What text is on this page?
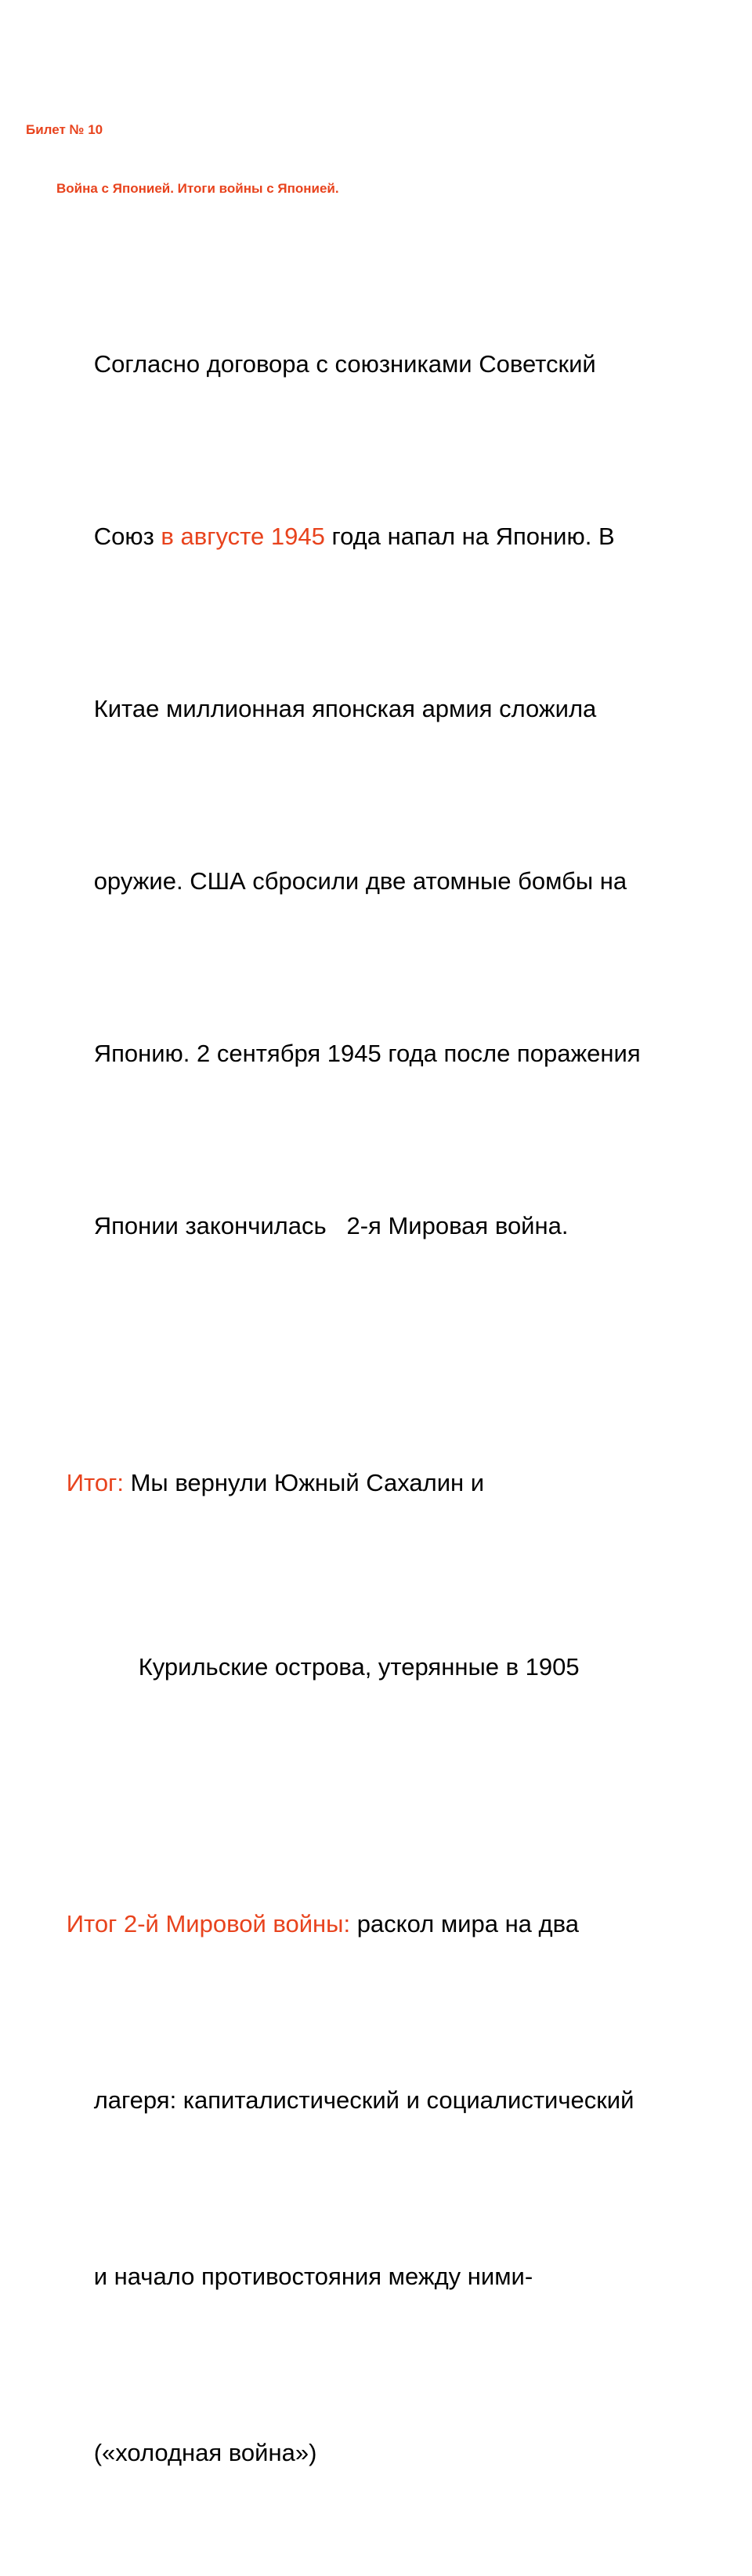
Билет № 10

Война с Японией. Итоги войны с Японией.

Согласно договора с союзниками Советский

Союз в августе 1945 года напал на Японию. В

Китае миллионная японская армия сложила

оружие. США сбросили две атомные бомбы на

Японию. 2 сентября 1945 года после поражения

Японии закончилась   2-я Мировая война.

Итог: Мы вернули Южный Сахалин и

Курильские острова, утерянные в 1905

Итог 2-й Мировой войны: раскол мира на два

лагеря: капиталистический и социалистический

и начало противостояния между ними-

(«холодная война»)
